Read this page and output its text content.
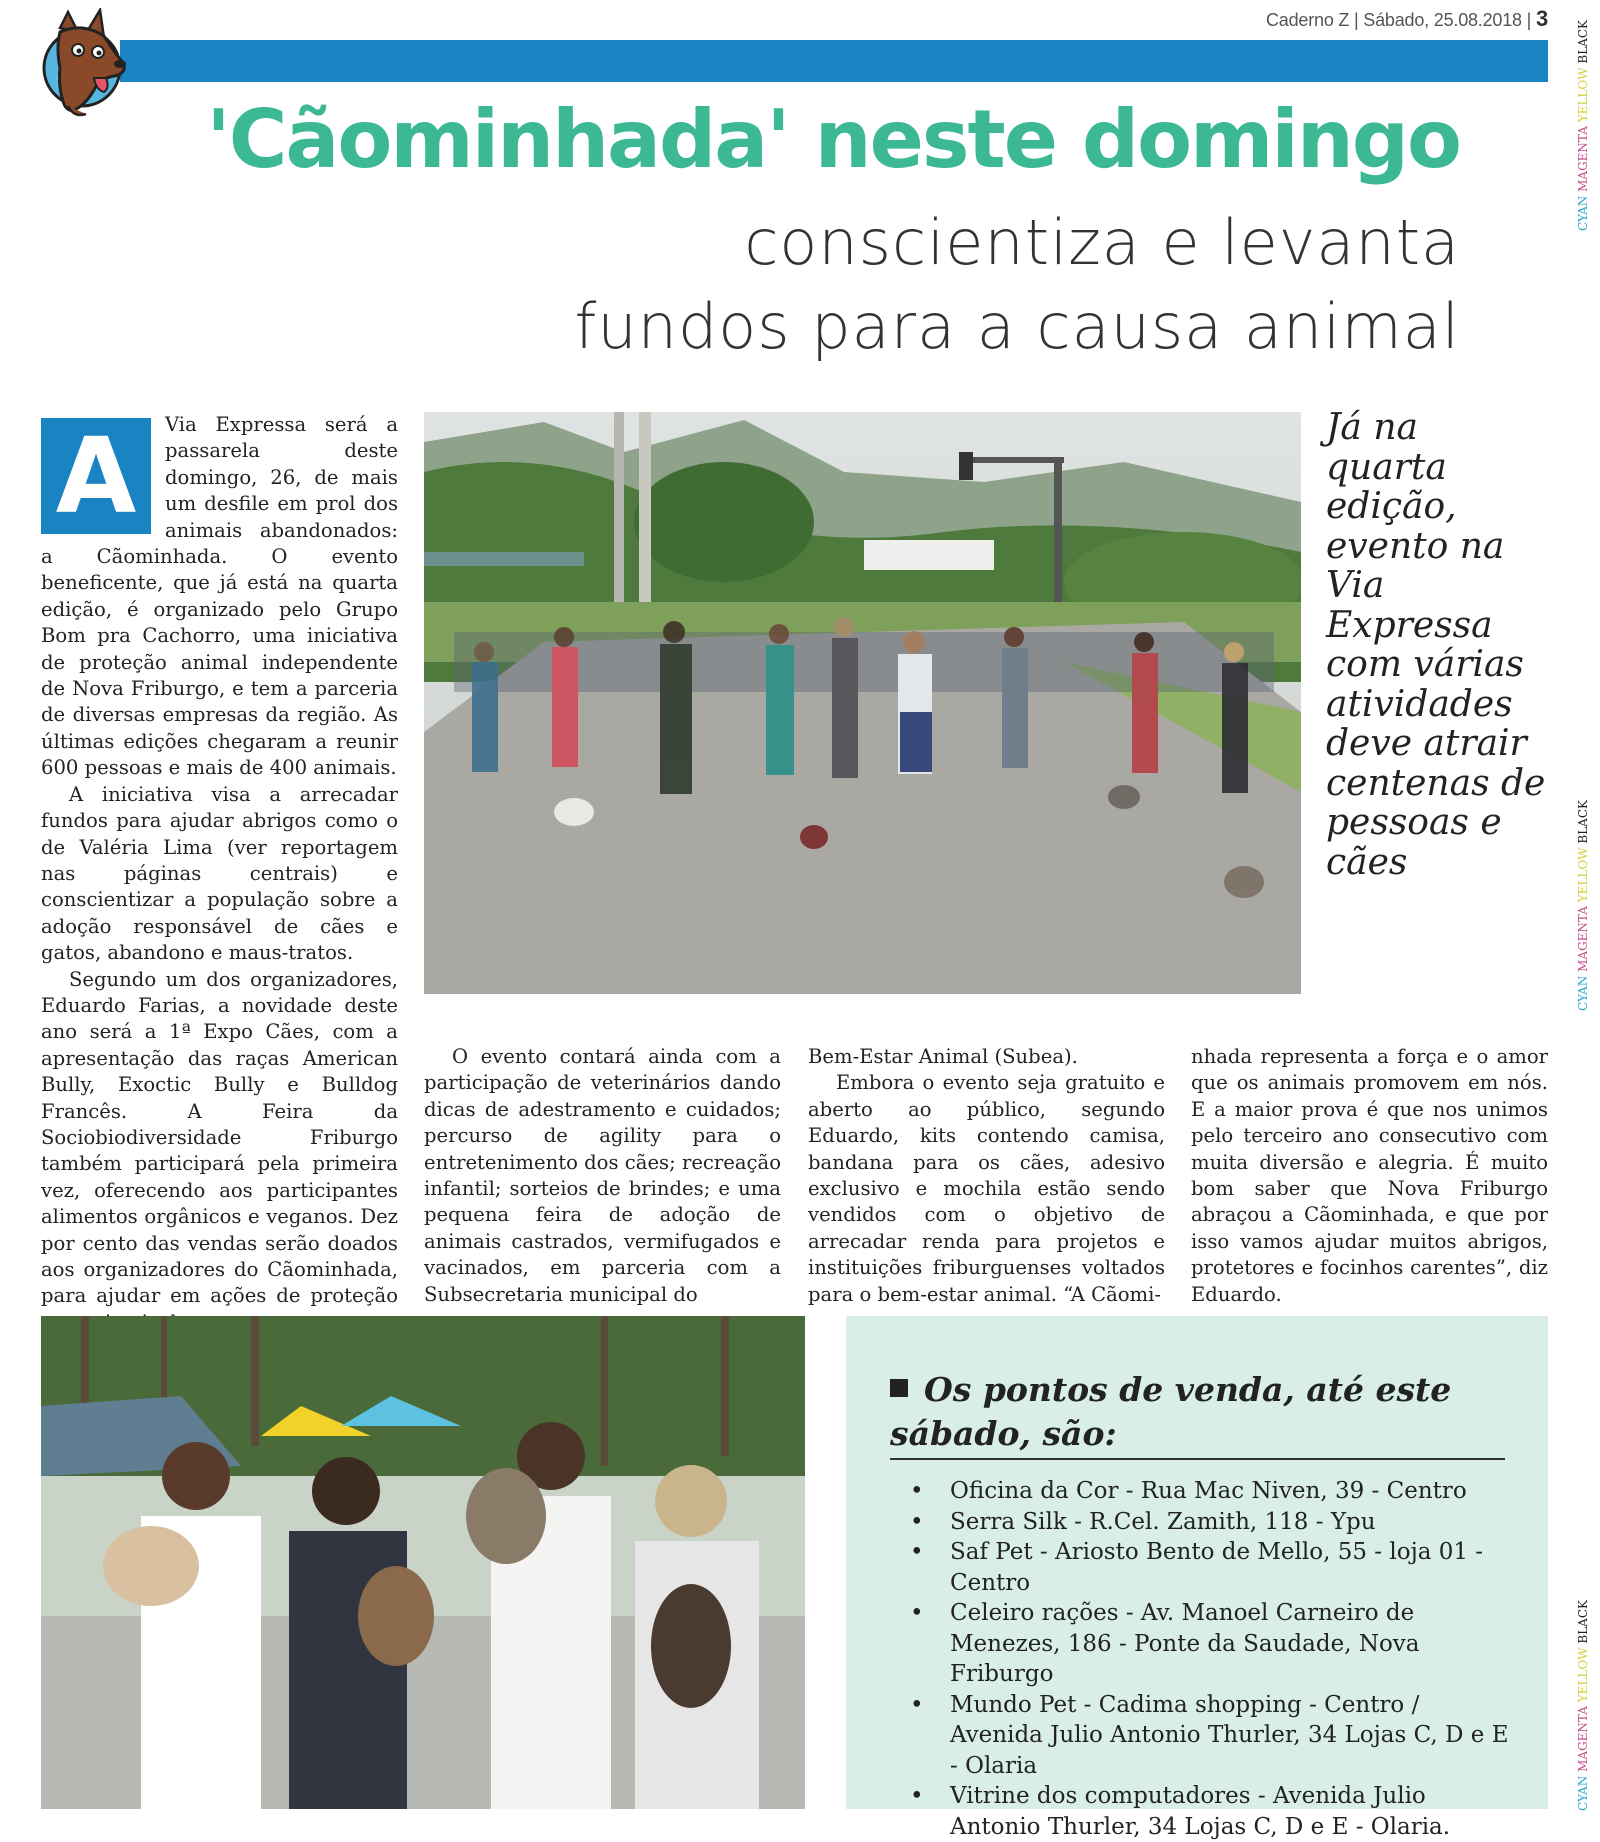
Caderno Z | Sábado, 25.08.2018 | 3
'Cãominhada' neste domingo
conscientiza e levanta
fundos para a causa animal
A	Via Expressa será a passarela deste domingo, 26, de mais um desfile em prol dos animais abandonados: a Cãominhada. O evento beneficente, que já está na quarta edição, é organizado pelo Grupo Bom pra Cachorro, uma iniciativa de proteção animal independente de Nova Friburgo, e tem a parceria de diversas empresas da região. As últimas edições chegaram a reunir 600 pessoas e mais de 400 animais.

A iniciativa visa a arrecadar fundos para ajudar abrigos como o de Valéria Lima (ver reportagem nas páginas centrais) e conscientizar a população sobre a adoção responsável de cães e gatos, abandono e maus-tratos.

Segundo um dos organizadores, Eduardo Farias, a novidade deste ano será a 1ª Expo Cães, com a apresentação das raças American Bully, Exoctic Bully e Bulldog Francês. A Feira da Sociobiodiversidade Friburgo também participará pela primeira vez, oferecendo aos participantes alimentos orgânicos e veganos. Dez por cento das vendas serão doados aos organizadores do Cãominhada, para ajudar em ações de proteção

Já na quarta edição, evento na Via Expressa com várias atividades deve atrair centenas de pessoas e cães

O evento contará ainda com a participação de veterinários dando dicas de adestramento e cuidados; percurso de agility para o entretenimento dos cães; recreação infantil; sorteios de brindes; e uma pequena feira de adoção de animais castrados, vermifugados e vacinados, em parceria com a Subsecretaria municipal do

Bem-Estar Animal (Subea).

Embora o evento seja gratuito e aberto ao público, segundo Eduardo, kits contendo camisa, bandana para os cães, adesivo exclusivo e mochila estão sendo vendidos com o objetivo de arrecadar renda para projetos e instituições friburguenses voltados para o bem-estar animal. “A Cãomi-

nhada representa a força e o amor que os animais promovem em nós. E a maior prova é que nos unimos pelo terceiro ano consecutivo com muita diversão e alegria. É muito bom saber que Nova Friburgo abraçou a Cãominhada, e que por isso vamos ajudar muitos abrigos, protetores e focinhos carentes”, diz Eduardo.

Os pontos de venda, até este sábado, são:
• Oficina da Cor - Rua Mac Niven, 39 - Centro
• Serra Silk - R.Cel. Zamith, 118 - Ypu
• Saf Pet - Ariosto Bento de Mello, 55 - loja 01 - Centro
• Celeiro rações - Av. Manoel Carneiro de Menezes, 186 - Ponte da Saudade, Nova Friburgo
• Mundo Pet - Cadima shopping - Centro / Avenida Julio Antonio Thurler, 34 Lojas C, D e E - Olaria
• Vitrine dos computadores - Avenida Julio Antonio Thurler, 34 Lojas C, D e E - Olaria.
CYAN MAGENTA YELLOW BLACK
CYAN MAGENTA YELLOW BLACK
CYAN MAGENTA YELLOW BLACK
